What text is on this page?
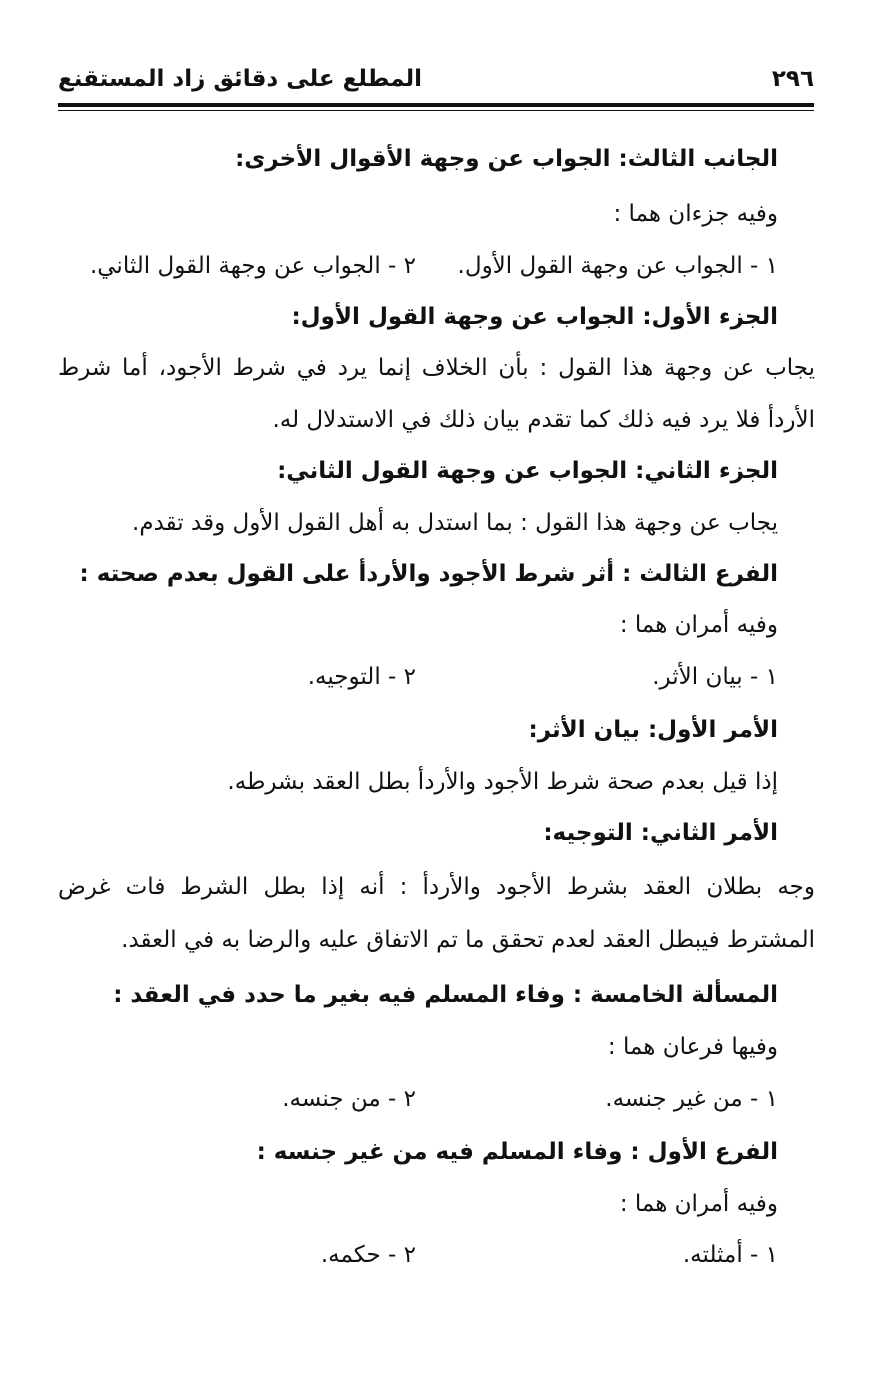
٢٩٦
المطلع على دقائق زاد المستقنع
الجانب الثالث: الجواب عن وجهة الأقوال الأخرى:
وفيه جزءان هما :
١ - الجواب عن وجهة القول الأول.
٢ - الجواب عن وجهة القول الثاني.
الجزء الأول: الجواب عن وجهة القول الأول:
يجاب عن وجهة هذا القول : بأن الخلاف إنما يرد في شرط الأجود، أما شرط
الأردأ فلا يرد فيه ذلك كما تقدم بيان ذلك في الاستدلال له.
الجزء الثاني: الجواب عن وجهة القول الثاني:
يجاب عن وجهة هذا القول : بما استدل به أهل القول الأول وقد تقدم.
الفرع الثالث : أثر شرط الأجود والأردأ على القول بعدم صحته :
وفيه أمران هما :
١ - بيان الأثر.
٢ - التوجيه.
الأمر الأول: بيان الأثر:
إذا قيل بعدم صحة شرط الأجود والأردأ بطل العقد بشرطه.
الأمر الثاني: التوجيه:
وجه بطلان العقد بشرط الأجود والأردأ : أنه إذا بطل الشرط فات غرض
المشترط فيبطل العقد لعدم تحقق ما تم الاتفاق عليه والرضا به في العقد.
المسألة الخامسة : وفاء المسلم فيه بغير ما حدد في العقد :
وفيها فرعان هما :
١ - من غير جنسه.
٢ - من جنسه.
الفرع الأول : وفاء المسلم فيه من غير جنسه :
وفيه أمران هما :
١ - أمثلته.
٢ - حكمه.
